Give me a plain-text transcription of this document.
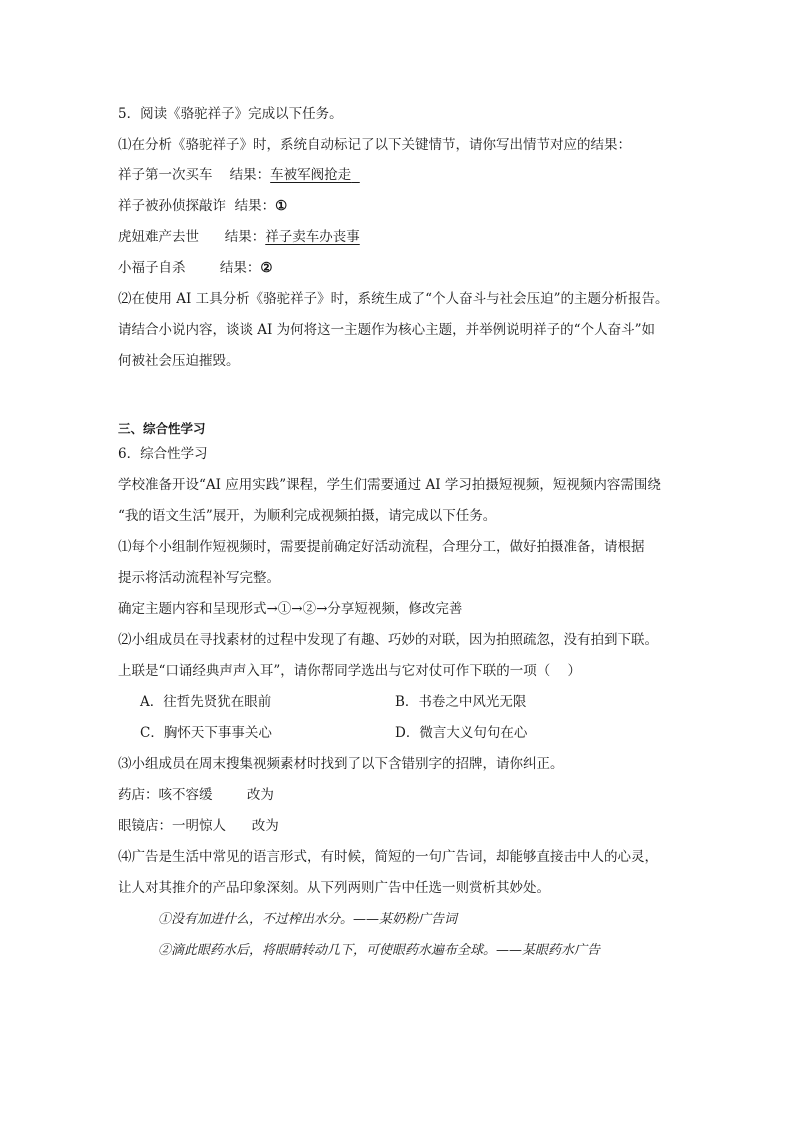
5．阅读《骆驼祥子》完成以下任务。
⑴在分析《骆驼祥子》时，系统自动标记了以下关键情节，请你写出情节对应的结果：
祥子第一次买车 结果：车被军阀抢走
祥子被孙侦探敲诈 结果：①
虎妞难产去世 结果：祥子卖车办丧事
小福子自杀	结果：②
⑵在使用 AI 工具分析《骆驼祥子》时，系统生成了“个人奋斗与社会压迫”的主题分析报告。
请结合小说内容，谈谈 AI 为何将这一主题作为核心主题，并举例说明祥子的“个人奋斗”如
何被社会压迫摧毁。
三、综合性学习
6．综合性学习
学校准备开设“AI 应用实践”课程，学生们需要通过 AI 学习拍摄短视频，短视频内容需围绕
“我的语文生活”展开，为顺利完成视频拍摄，请完成以下任务。
⑴每个小组制作短视频时，需要提前确定好活动流程，合理分工，做好拍摄准备，请根据
提示将活动流程补写完整。
确定主题内容和呈现形式→①→②→分享短视频，修改完善
⑵小组成员在寻找素材的过程中发现了有趣、巧妙的对联，因为拍照疏忽，没有拍到下联。
上联是“口诵经典声声入耳”，请你帮同学选出与它对仗可作下联的一项（    ）
A．往哲先贤犹在眼前	B．书卷之中风光无限
C．胸怀天下事事关心	D．微言大义句句在心
⑶小组成员在周末搜集视频素材时找到了以下含错别字的招牌，请你纠正。
药店：咳不容缓	改为
眼镜店：一明惊人 改为
⑷广告是生活中常见的语言形式，有时候，简短的一句广告词，却能够直接击中人的心灵，
让人对其推介的产品印象深刻。从下列两则广告中任选一则赏析其妙处。
①没有加进什么，不过榨出水分。——某奶粉广告词
②滴此眼药水后，将眼睛转动几下，可使眼药水遍布全球。——某眼药水广告
